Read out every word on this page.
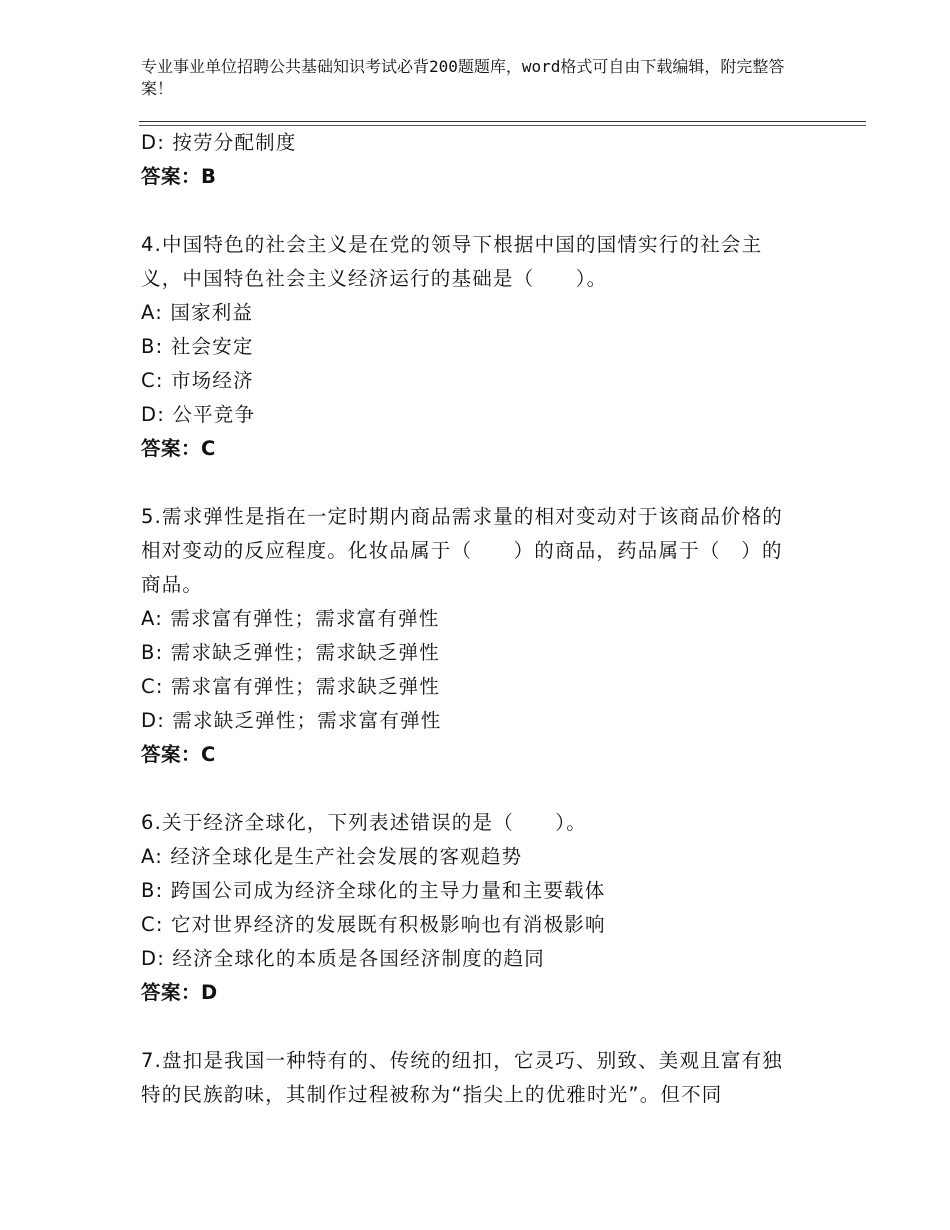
专业事业单位招聘公共基础知识考试必背200题题库，word格式可自由下载编辑，附完整答案！
D: 按劳分配制度
答案：B
4.中国特色的社会主义是在党的领导下根据中国的国情实行的社会主义，中国特色社会主义经济运行的基础是（　　）。
A: 国家利益
B: 社会安定
C: 市场经济
D: 公平竞争
答案：C
5.需求弹性是指在一定时期内商品需求量的相对变动对于该商品价格的相对变动的反应程度。化妆品属于（　　）的商品，药品属于（　）的商品。
A: 需求富有弹性；需求富有弹性
B: 需求缺乏弹性；需求缺乏弹性
C: 需求富有弹性；需求缺乏弹性
D: 需求缺乏弹性；需求富有弹性
答案：C
6.关于经济全球化，下列表述错误的是（　　）。
A: 经济全球化是生产社会发展的客观趋势
B: 跨国公司成为经济全球化的主导力量和主要载体
C: 它对世界经济的发展既有积极影响也有消极影响
D: 经济全球化的本质是各国经济制度的趋同
答案：D
7.盘扣是我国一种特有的、传统的纽扣，它灵巧、别致、美观且富有独特的民族韵味，其制作过程被称为“指尖上的优雅时光”。但不同
